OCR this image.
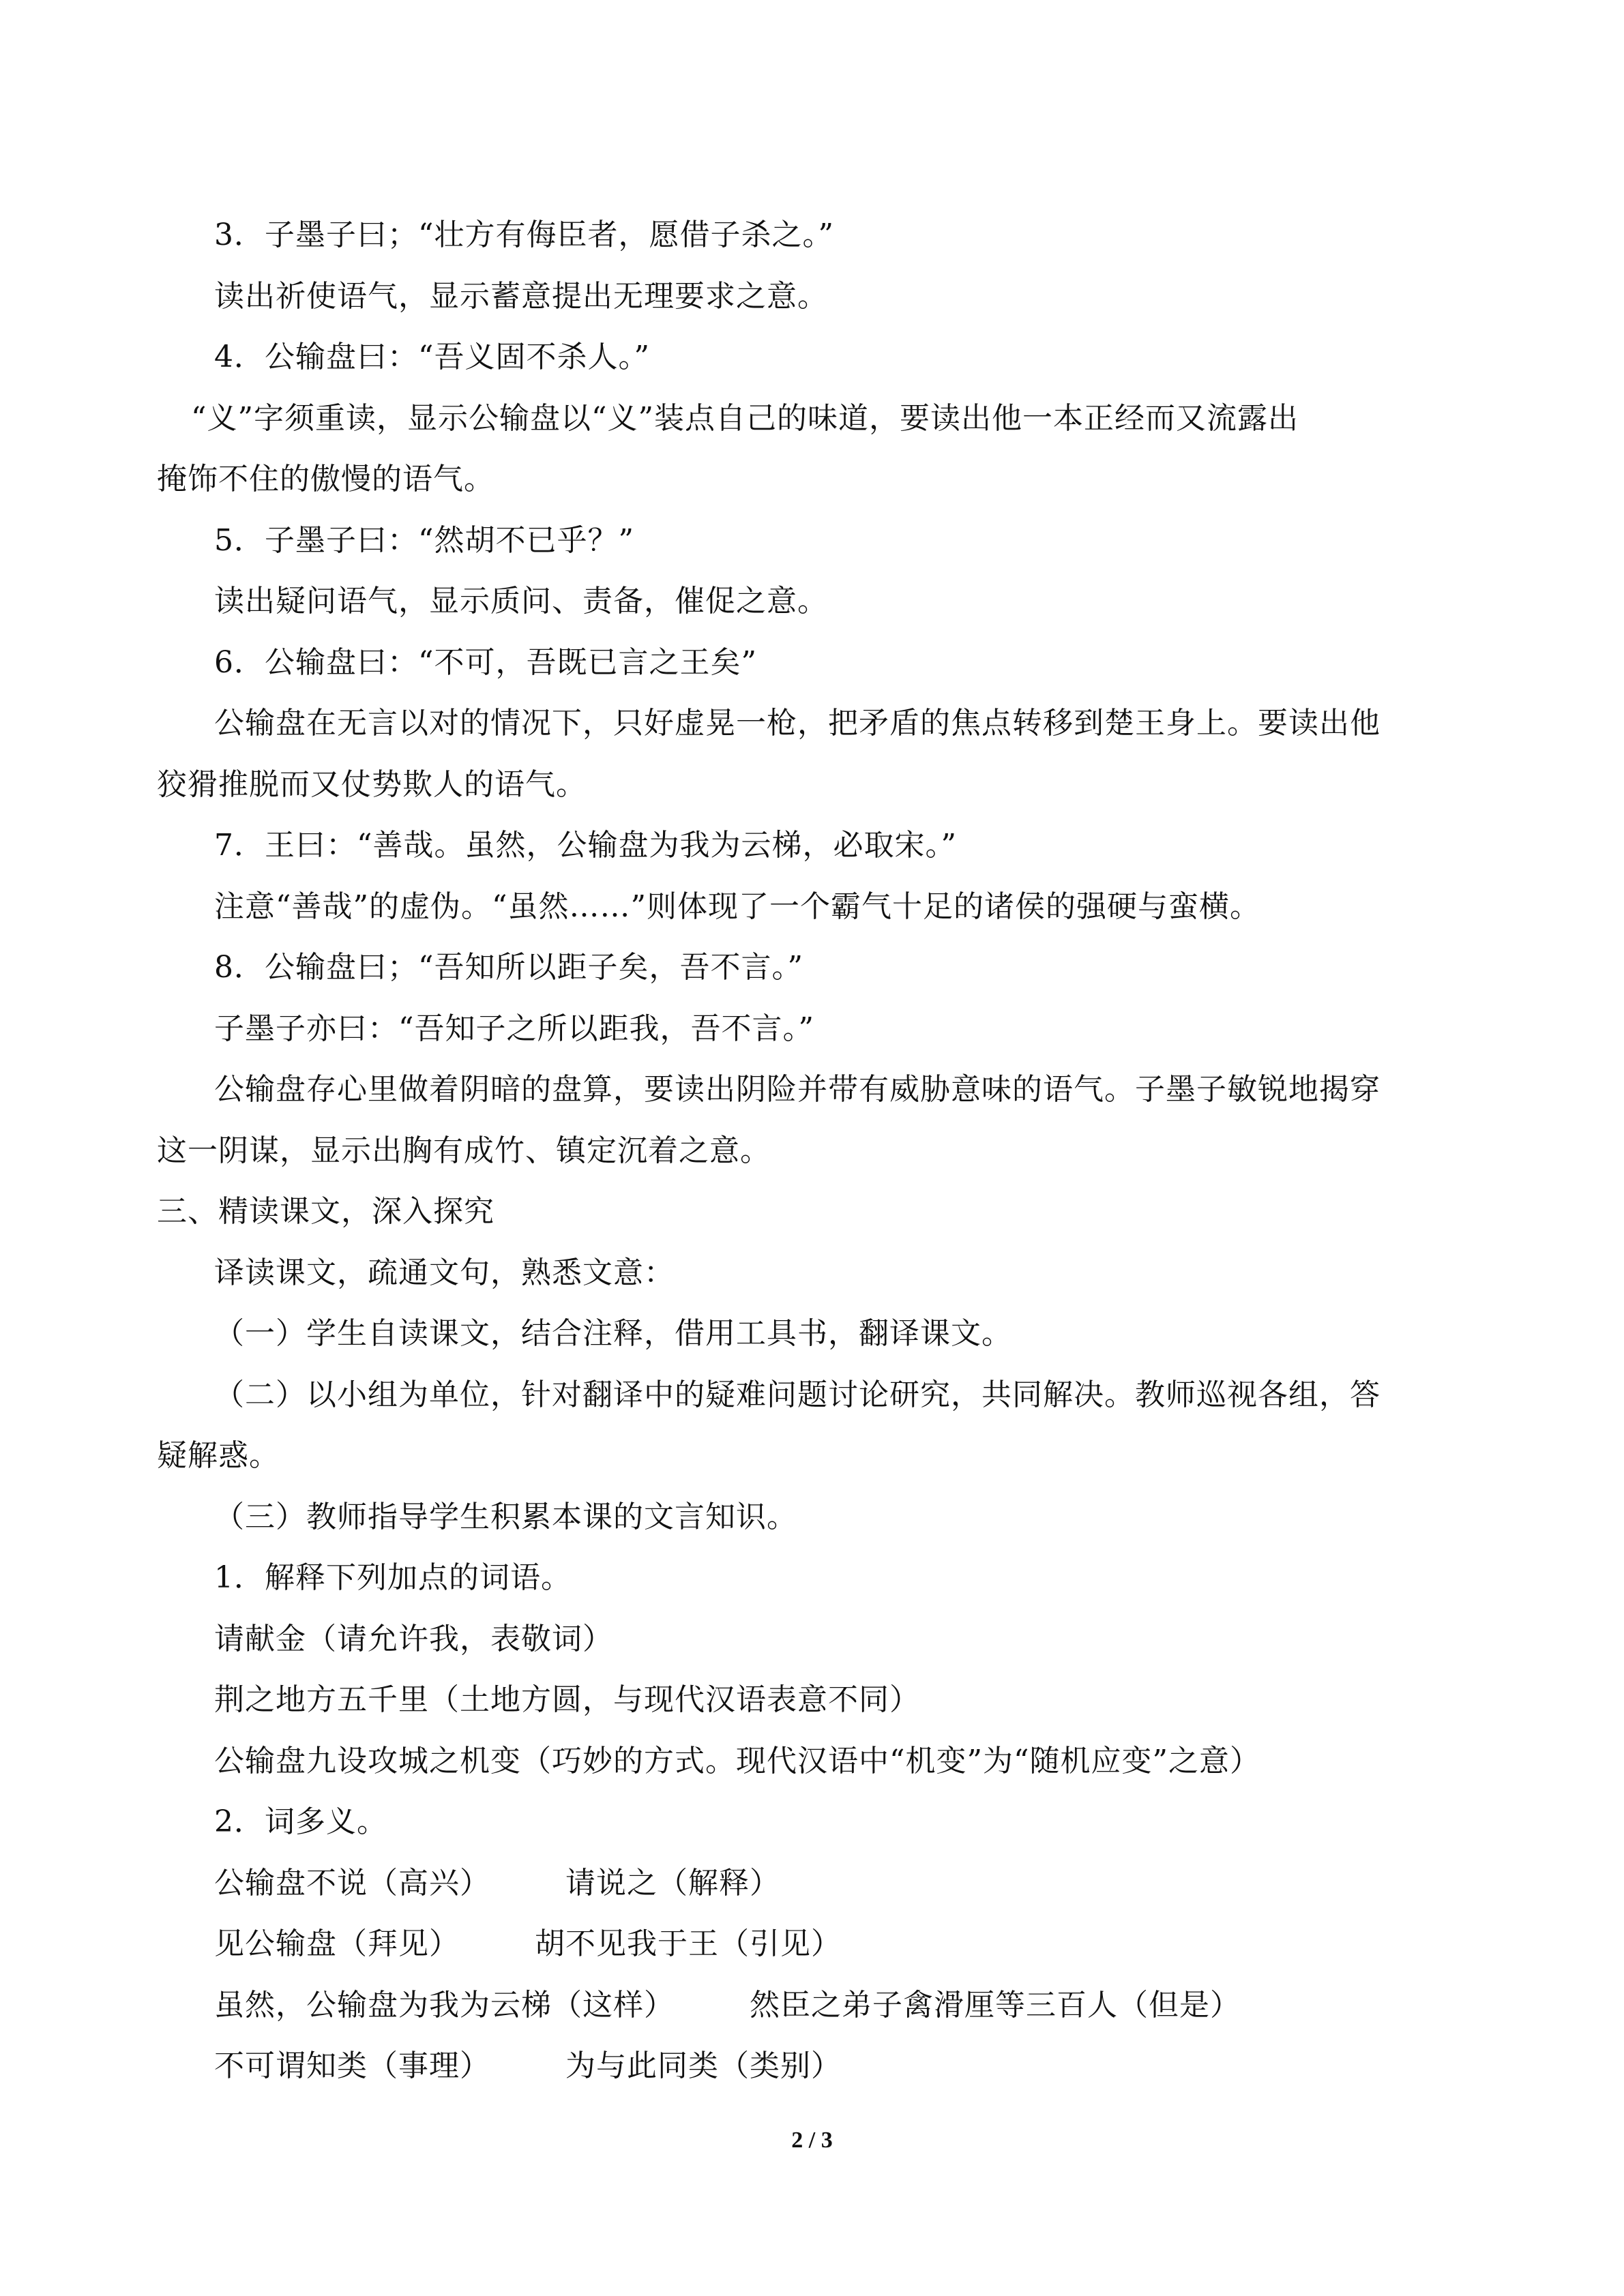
3．子墨子曰；“壮方有侮臣者，愿借子杀之。”
读出祈使语气，显示蓄意提出无理要求之意。
4．公输盘曰：“吾义固不杀人。”
“义”字须重读，显示公输盘以“义”装点自己的味道，要读出他一本正经而又流露出
掩饰不住的傲慢的语气。
5．子墨子曰：“然胡不已乎？”
读出疑问语气，显示质问、责备，催促之意。
6．公输盘曰：“不可，吾既已言之王矣”
公输盘在无言以对的情况下，只好虚晃一枪，把矛盾的焦点转移到楚王身上。要读出他
狡猾推脱而又仗势欺人的语气。
7．王曰：“善哉。虽然，公输盘为我为云梯，必取宋。”
注意“善哉”的虚伪。“虽然……”则体现了一个霸气十足的诸侯的强硬与蛮横。
8．公输盘曰；“吾知所以距子矣，吾不言。”
子墨子亦曰：“吾知子之所以距我，吾不言。”
公输盘存心里做着阴暗的盘算，要读出阴险并带有威胁意味的语气。子墨子敏锐地揭穿
这一阴谋，显示出胸有成竹、镇定沉着之意。
三、精读课文，深入探究
译读课文，疏通文句，熟悉文意：
（一）学生自读课文，结合注释，借用工具书，翻译课文。
（二）以小组为单位，针对翻译中的疑难问题讨论研究，共同解决。教师巡视各组，答
疑解惑。
（三）教师指导学生积累本课的文言知识。
1．解释下列加点的词语。
请献金（请允许我，表敬词）
荆之地方五千里（土地方圆，与现代汉语表意不同）
公输盘九设攻城之机变（巧妙的方式。现代汉语中“机变”为“随机应变”之意）
2．词多义。
公输盘不说（高兴）	请说之（解释）
见公输盘（拜见）	胡不见我于王（引见）
虽然，公输盘为我为云梯（这样）	然臣之弟子禽滑厘等三百人（但是）
不可谓知类（事理）	为与此同类（类别）
2 / 3
